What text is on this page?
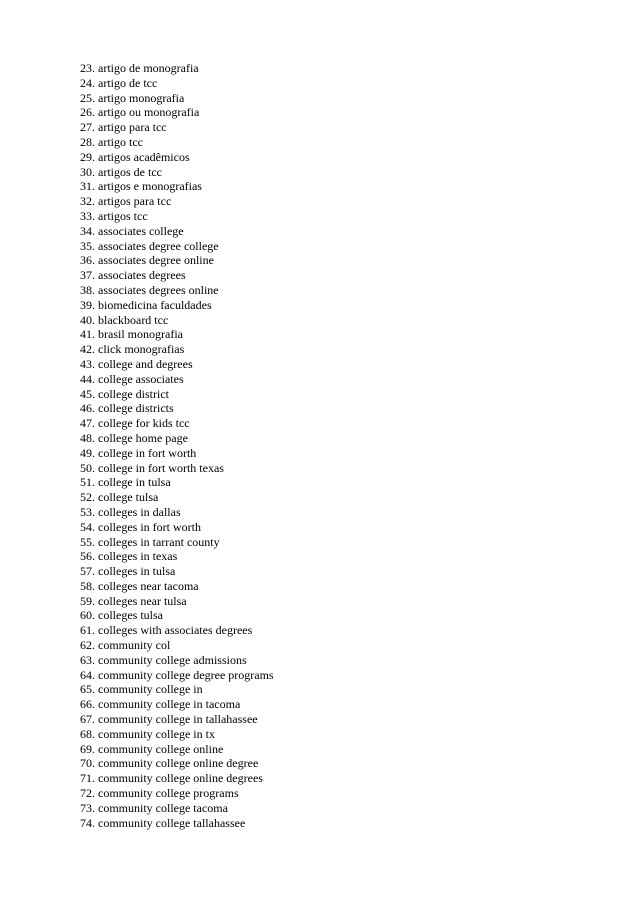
23. artigo de monografia
24. artigo de tcc
25. artigo monografia
26. artigo ou monografia
27. artigo para tcc
28. artigo tcc
29. artigos acadêmicos
30. artigos de tcc
31. artigos e monografias
32. artigos para tcc
33. artigos tcc
34. associates college
35. associates degree college
36. associates degree online
37. associates degrees
38. associates degrees online
39. biomedicina faculdades
40. blackboard tcc
41. brasil monografia
42. click monografias
43. college and degrees
44. college associates
45. college district
46. college districts
47. college for kids tcc
48. college home page
49. college in fort worth
50. college in fort worth texas
51. college in tulsa
52. college tulsa
53. colleges in dallas
54. colleges in fort worth
55. colleges in tarrant county
56. colleges in texas
57. colleges in tulsa
58. colleges near tacoma
59. colleges near tulsa
60. colleges tulsa
61. colleges with associates degrees
62. community col
63. community college admissions
64. community college degree programs
65. community college in
66. community college in tacoma
67. community college in tallahassee
68. community college in tx
69. community college online
70. community college online degree
71. community college online degrees
72. community college programs
73. community college tacoma
74. community college tallahassee
